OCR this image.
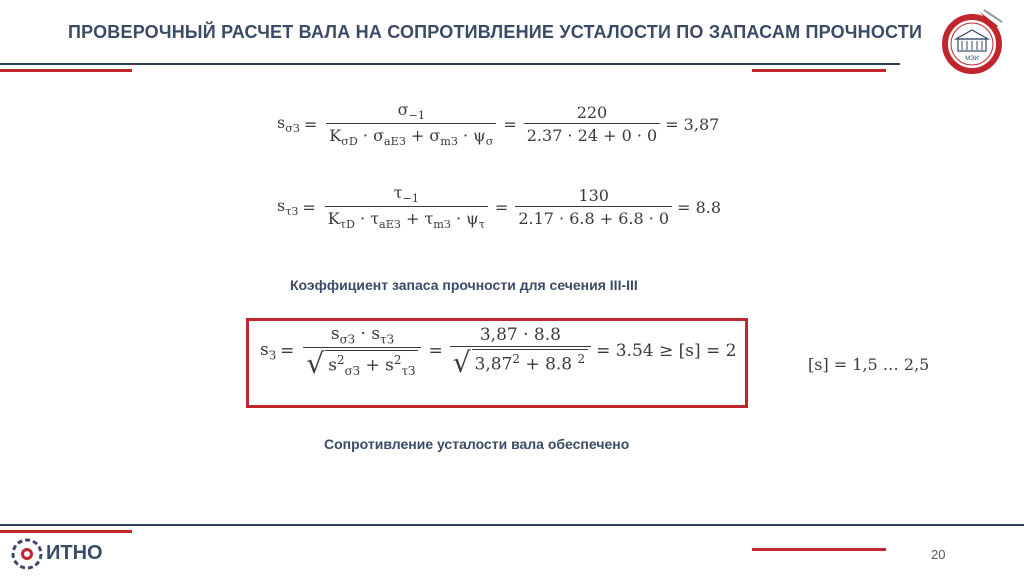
ПРОВЕРОЧНЫЙ РАСЧЕТ ВАЛА НА СОПРОТИВЛЕНИЕ УСТАЛОСТИ ПО ЗАПАСАМ ПРОЧНОСТИ
МЭИ
$s_{\sigma З} = \frac{\sigma_{-1}}{K_{\sigma D} \cdot \sigma_{aEЗ} + \sigma_{mЗ} \cdot \psi_\sigma} = \frac{220}{2.37 \cdot 24 + 0 \cdot 0} = 3,87$
$s_{\tau З} = \frac{\tau_{-1}}{K_{\tau D} \cdot \tau_{aEЗ} + \tau_{mЗ} \cdot \psi_\tau} = \frac{130}{2.17 \cdot 6.8 + 6.8 \cdot 0} = 8.8$
Коэффициент запаса прочности для сечения III-III
$s_З = \frac{s_{\sigma З} \cdot s_{\tau З}}{√ s^2_{\sigma З} + s^2_{\tau З}} = \frac{3,87 \cdot 8.8}{√ 3,87^2 + 8.8 ^2} = 3.54 \ge [s] = 2$
[s] = 1,5 … 2,5
Сопротивление усталости вала обеспечено
ИТНО	20
